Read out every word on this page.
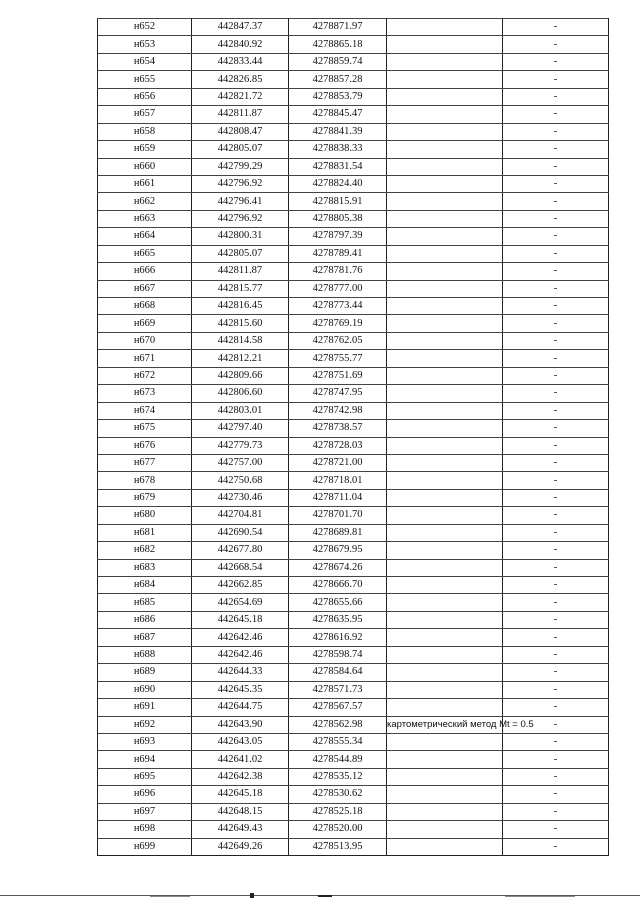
н652	442847.37	4278871.97		-
н653	442840.92	4278865.18		-
н654	442833.44	4278859.74		-
н655	442826.85	4278857.28		-
н656	442821.72	4278853.79		-
н657	442811.87	4278845.47		-
н658	442808.47	4278841.39		-
н659	442805.07	4278838.33		-
н660	442799.29	4278831.54		-
н661	442796.92	4278824.40		-
н662	442796.41	4278815.91		-
н663	442796.92	4278805.38		-
н664	442800.31	4278797.39		-
н665	442805.07	4278789.41		-
н666	442811.87	4278781.76		-
н667	442815.77	4278777.00		-
н668	442816.45	4278773.44		-
н669	442815.60	4278769.19		-
н670	442814.58	4278762.05		-
н671	442812.21	4278755.77		-
н672	442809.66	4278751.69		-
н673	442806.60	4278747.95		-
н674	442803.01	4278742.98		-
н675	442797.40	4278738.57		-
н676	442779.73	4278728.03		-
н677	442757.00	4278721.00		-
н678	442750.68	4278718.01		-
н679	442730.46	4278711.04		-
н680	442704.81	4278701.70		-
н681	442690.54	4278689.81		-
н682	442677.80	4278679.95		-
н683	442668.54	4278674.26		-
н684	442662.85	4278666.70		-
н685	442654.69	4278655.66		-
н686	442645.18	4278635.95		-
н687	442642.46	4278616.92		-
н688	442642.46	4278598.74		-
н689	442644.33	4278584.64		-
н690	442645.35	4278571.73		-
н691	442644.75	4278567.57		-
н692	442643.90	4278562.98	картометрический метод Mt = 0.5	-
н693	442643.05	4278555.34		-
н694	442641.02	4278544.89		-
н695	442642.38	4278535.12		-
н696	442645.18	4278530.62		-
н697	442648.15	4278525.18		-
н698	442649.43	4278520.00		-
н699	442649.26	4278513.95		-
